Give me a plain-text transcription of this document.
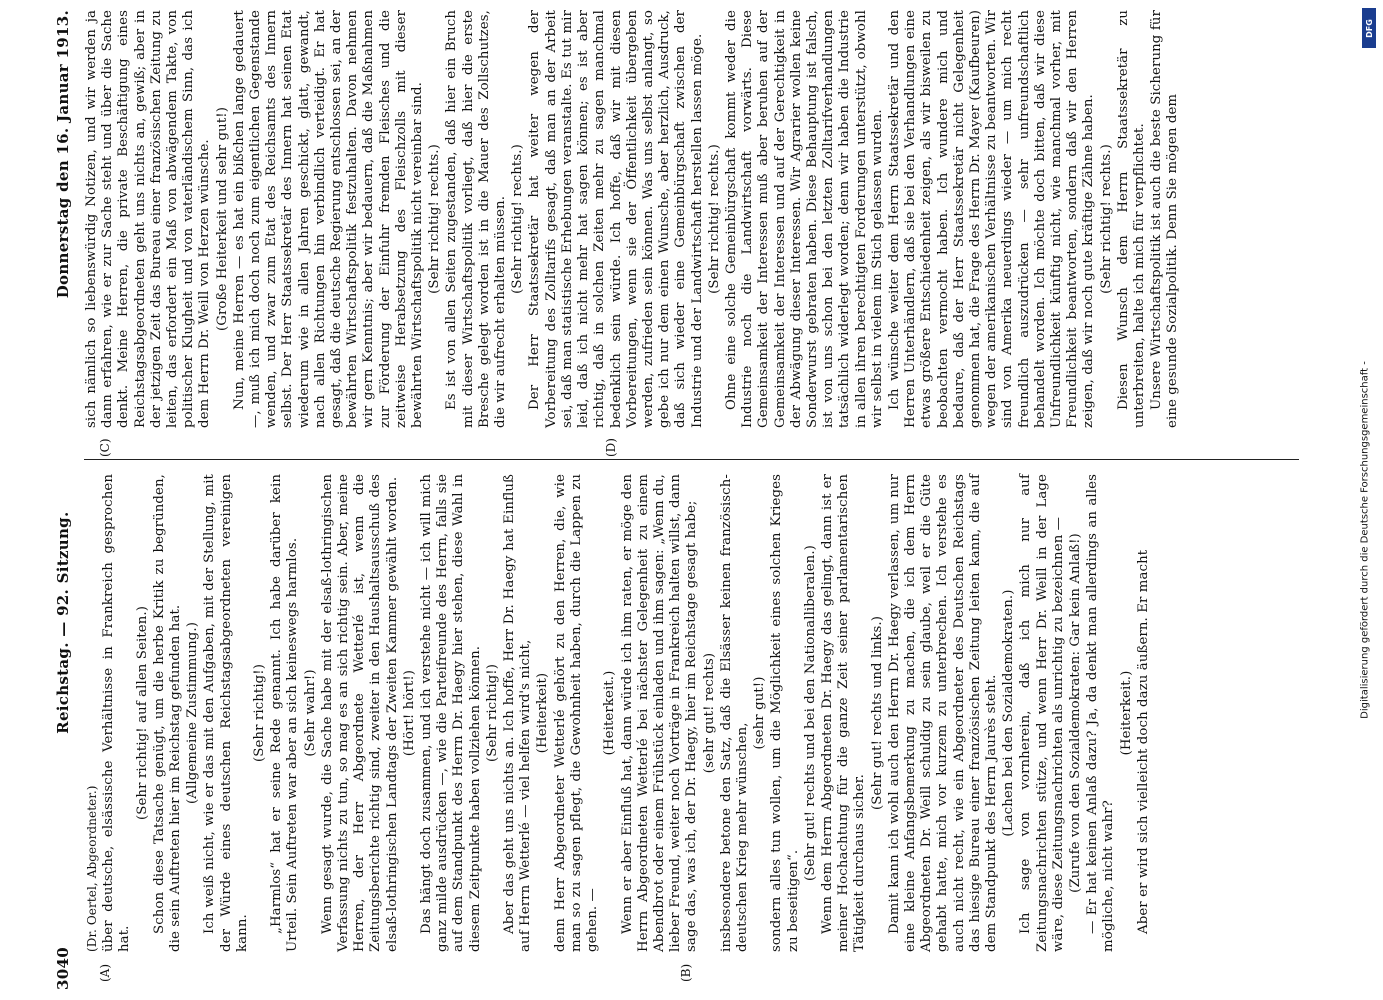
3040
Reichstag. — 92. Sitzung.
Donnerstag den 16. Januar 1913.
(A)	(B)
(C)	(D)

(Dr. Oertel, Abgeordneter.) über deutsche, elsässische Verhältnisse in Frankreich gesprochen hat.

(Sehr richtig! auf allen Seiten.) Schon diese Tatsache genügt, um die herbe Kritik zu begründen, die sein Auftreten hier im Reichstag gefunden hat. (Allgemeine Zustimmung.) Ich weiß nicht, wie er das mit den Aufgaben, mit der Stellung, mit der Würde eines deutschen Reichstagsabgeordneten vereinigen kann.

(Sehr richtig!) „Harmlos“ hat er seine Rede genannt. Ich habe darüber kein Urteil. Sein Auftreten war aber an sich keineswegs harmlos. (Sehr wahr!) Wenn gesagt wurde, die Sache habe mit der elsaß-lothringischen Verfassung nichts zu tun, so mag es an sich richtig sein. Aber, meine Herren, der Herr Abgeordnete Wetterlé ist, wenn die Zeitungsberichte richtig sind, zweiter in den Haushaltsausschuß des elsaß-lothringischen Landtags der Zweiten Kammer gewählt worden. (Hört! hört!) Das hängt doch zusammen, und ich verstehe nicht — ich will mich ganz milde ausdrücken —, wie die Parteifreunde des Herrn, falls sie auf dem Standpunkt des Herrn Dr. Haegy hier stehen, diese Wahl in diesem Zeitpunkte haben vollziehen können. (Sehr richtig!) Aber das geht uns nichts an. Ich hoffe, Herr Dr. Haegy hat Einfluß auf Herrn Wetterlé — viel helfen wird's nicht, (Heiterkeit) denn Herr Abgeordneter Wetterlé gehört zu den Herren, die, wie man so zu sagen pflegt, die Gewohnheit haben, durch die Lappen zu gehen. —

(Heiterkeit.) Wenn er aber Einfluß hat, dann würde ich ihm raten, er möge den Herrn Abgeordneten Wetterlé bei nächster Gelegenheit zu einem Abendbrot oder einem Frühstück einladen und ihm sagen: „Wenn du, lieber Freund, weiter noch Vorträge in Frankreich halten willst, dann sage das, was ich, der Dr. Haegy, hier im Reichstage gesagt habe; (sehr gut! rechts) insbesondere betone den Satz, daß die Elsässer keinen französisch-deutschen Krieg mehr wünschen,

(sehr gut!) sondern alles tun wollen, um die Möglichkeit eines solchen Krieges zu beseitigen“.

(Sehr gut! rechts und bei den Nationalliberalen.) Wenn dem Herrn Abgeordneten Dr. Haegy das gelingt, dann ist er meiner Hochachtung für die ganze Zeit seiner parlamentarischen Tätigkeit durchaus sicher.

(Sehr gut! rechts und links.) Damit kann ich wohl auch den Herrn Dr. Haegy verlassen, um nur eine kleine Anfangsbemerkung zu machen, die ich dem Herrn Abgeordneten Dr. Weill schuldig zu sein glaube, weil er die Güte gehabt hatte, mich vor kurzem zu unterbrechen. Ich verstehe es auch nicht recht, wie ein Abgeordneter des Deutschen Reichstags das hiesige Bureau einer französischen Zeitung leiten kann, die auf dem Standpunkt des Herrn Jaurès steht. (Lachen bei den Sozialdemokraten.) Ich sage von vornherein, daß ich mich nur auf Zeitungsnachrichten stütze, und wenn Herr Dr. Weill in der Lage wäre, diese Zeitungsnachrichten als unrichtig zu bezeichnen — (Zurufe von den Sozialdemokraten: Gar kein Anlaß!) — Er hat keinen Anlaß dazu? Ja, da denkt man allerdings an alles mögliche, nicht wahr?

(Heiterkeit.) Aber er wird sich vielleicht doch dazu äußern. Er macht

sich nämlich so liebenswürdig Notizen, und wir werden ja dann erfahren, wie er zur Sache steht und über die Sache denkt. Meine Herren, die private Beschäftigung eines Reichstagsabgeordneten geht uns nichts an, gewiß; aber in der jetzigen Zeit das Bureau einer französischen Zeitung zu leiten, das erfordert ein Maß von abwägendem Takte, von politischer Klugheit und von vaterländischem Sinn, das ich dem Herrn Dr. Weill von Herzen wünsche. (Große Heiterkeit und sehr gut!) Nun, meine Herren — es hat ein bißchen lange gedauert —, muß ich mich doch noch zum eigentlichen Gegenstande wenden, und zwar zum Etat des Reichsamts des Innern selbst. Der Herr Staatssekretär des Innern hat seinen Etat wiederum wie in allen Jahren geschickt, glatt, gewandt, nach allen Richtungen hin verbindlich verteidigt. Er hat gesagt, daß die deutsche Regierung entschlossen sei, an der bewährten Wirtschaftspolitik festzuhalten. Davon nehmen wir gern Kenntnis; aber wir bedauern, daß die Maßnahmen zur Förderung der Einfuhr fremden Fleisches und die zeitweise Herabsetzung des Fleischzolls mit dieser bewährten Wirtschaftspolitik nicht vereinbar sind. (Sehr richtig! rechts.) Es ist von allen Seiten zugestanden, daß hier ein Bruch mit dieser Wirtschaftspolitik vorliegt, daß hier die erste Bresche gelegt worden ist in die Mauer des Zollschutzes, die wir aufrecht erhalten müssen. (Sehr richtig! rechts.) Der Herr Staatssekretär hat weiter wegen der Vorbereitung des Zolltarifs gesagt, daß man an der Arbeit sei, daß man statistische Erhebungen veranstalte. Es tut mir leid, daß ich nicht mehr hat sagen können; es ist aber richtig, daß in solchen Zeiten mehr zu sagen manchmal bedenklich sein würde. Ich hoffe, daß wir mit diesen Vorbereitungen, wenn sie der Öffentlichkeit übergeben werden, zufrieden sein können. Was uns selbst anlangt, so gebe ich nur dem einen Wunsche, aber herzlich, Ausdruck, daß sich wieder eine Gemeinbürgschaft zwischen der Industrie und der Landwirtschaft herstellen lassen möge. (Sehr richtig! rechts.) Ohne eine solche Gemeinbürgschaft kommt weder die Industrie noch die Landwirtschaft vorwärts. Diese Gemeinsamkeit der Interessen muß aber beruhen auf der Gemeinsamkeit der Interessen und auf der Gerechtigkeit in der Abwägung dieser Interessen. Wir Agrarier wollen keine Sonderwurst gebraten haben. Diese Behauptung ist falsch, ist von uns schon bei den letzten Zolltarifverhandlungen tatsächlich widerlegt worden; denn wir haben die Industrie in allen ihren berechtigten Forderungen unterstützt, obwohl wir selbst in vielem im Stich gelassen wurden. Ich wünsche weiter dem Herrn Staatssekretär und den Herren Unterhändlern, daß sie bei den Verhandlungen eine etwas größere Entschiedenheit zeigen, als wir bisweilen zu beobachten vermocht haben. Ich wundere mich und bedaure, daß der Herr Staatssekretär nicht Gelegenheit genommen hat, die Frage des Herrn Dr. Mayer (Kaufbeuren) wegen der amerikanischen Verhältnisse zu beantworten. Wir sind von Amerika neuerdings wieder — um mich recht freundlich auszudrücken — sehr unfreundschaftlich behandelt worden. Ich möchte doch bitten, daß wir diese Unfreundlichkeit künftig nicht, wie manchmal vorher, mit Freundlichkeit beantworten, sondern daß wir den Herren zeigen, daß wir noch gute kräftige Zähne haben. (Sehr richtig! rechts.) Diesen Wunsch dem Herrn Staatssekretär zu unterbreiten, halte ich mich für verpflichtet. Unsere Wirtschaftspolitik ist auch die beste Sicherung für eine gesunde Sozialpolitik. Denn Sie mögen dem

Digitalisierung gefördert durch die Deutsche Forschungsgemeinschaft -
DFG
